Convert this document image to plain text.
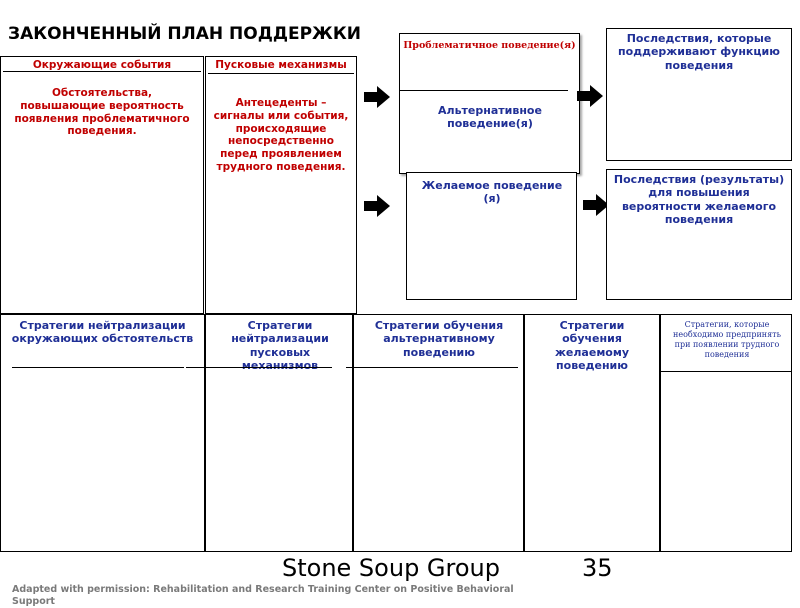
ЗАКОНЧЕННЫЙ ПЛАН ПОДДЕРЖКИ
Окружающие события
Обстоятельства, повышающие вероятность появления проблематичного поведения.
Пусковые механизмы
Антецеденты – сигналы или события, происходящие непосредственно перед проявлением трудного поведения.
Проблематичное поведение(я)
Альтернативное поведение(я)
Желаемое поведение (я)
Последствия, которые поддерживают функцию поведения
Последствия (результаты) для повышения вероятности желаемого поведения
Стратегии нейтрализации окружающих обстоятельств
Стратегии нейтрализации пусковых механизмов
Стратегии обучения альтернативному поведению
Стратегии обучения желаемому поведению
Стратегии, которые необходимо предпринять при появлении трудного поведения
Stone Soup Group	35
Adapted with permission: Rehabilitation and Research Training Center on Positive Behavioral
Support
